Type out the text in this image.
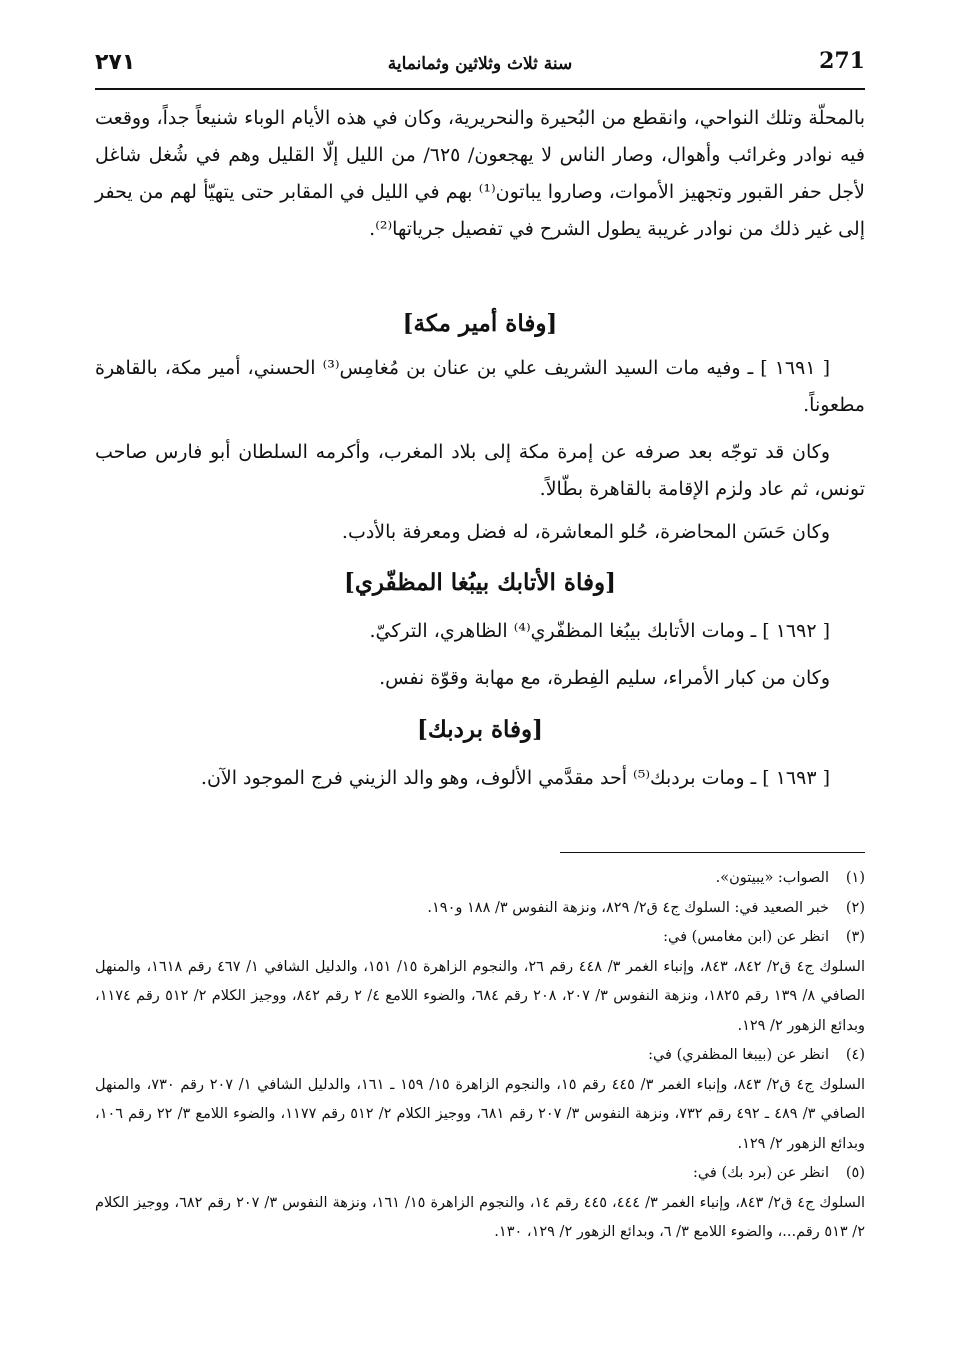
٢٧١	سنة ثلاث وثلاثين وثمانماية	271

بالمحلّة وتلك النواحي، وانقطع من البُحيرة والنحريرية، وكان في هذه الأيام الوباء شنيعاً جداً، ووقعت فيه نوادر وغرائب وأهوال، وصار الناس لا يهجعون/ ٦٢٥/ من الليل إلّا القليل وهم في شُغل شاغل لأجل حفر القبور وتجهيز الأموات، وصاروا يباتون⁽¹⁾ بهم في الليل في المقابر حتى يتهيّأ لهم من يحفر إلى غير ذلك من نوادر غريبة يطول الشرح في تفصيل جرياتها⁽²⁾.

[وفاة أمير مكة]

[ ١٦٩١ ] ـ وفيه مات السيد الشريف علي بن عنان بن مُغامِس⁽³⁾ الحسني، أمير مكة، بالقاهرة مطعوناً.

وكان قد توجّه بعد صرفه عن إمرة مكة إلى بلاد المغرب، وأكرمه السلطان أبو فارس صاحب تونس، ثم عاد ولزم الإقامة بالقاهرة بطّالاً.

وكان حَسَن المحاضرة، حُلو المعاشرة، له فضل ومعرفة بالأدب.

[وفاة الأتابك بيبُغا المظفّري]

[ ١٦٩٢ ] ـ ومات الأتابك بيبُغا المظفّري⁽⁴⁾ الظاهري، التركيّ.

وكان من كبار الأمراء، سليم الفِطرة، مع مهابة وقوّة نفس.

[وفاة بردبك]

[ ١٦٩٣ ] ـ ومات بردبك⁽⁵⁾ أحد مقدَّمي الألوف، وهو والد الزيني فرج الموجود الآن.

(١)
الصواب: «يبيتون».
(٢)
خبر الصعيد في: السلوك ج٤ ق٢/ ٨٢٩، ونزهة النفوس ٣/ ١٨٨ و١٩٠.
(٣)
انظر عن (ابن مغامس) في:

السلوك ج٤ ق٢/ ٨٤٢، ٨٤٣، وإنباء الغمر ٣/ ٤٤٨ رقم ٢٦، والنجوم الزاهرة ١٥/ ١٥١، والدليل الشافي ١/ ٤٦٧ رقم ١٦١٨، والمنهل الصافي ٨/ ١٣٩ رقم ١٨٢٥، ونزهة النفوس ٣/ ٢٠٧، ٢٠٨ رقم ٦٨٤، والضوء اللامع ٤/ ٢ رقم ٨٤٢، ووجيز الكلام ٢/ ٥١٢ رقم ١١٧٤، وبدائع الزهور ٢/ ١٢٩.

(٤)
انظر عن (بيبغا المظفري) في:

السلوك ج٤ ق٢/ ٨٤٣، وإنباء الغمر ٣/ ٤٤٥ رقم ١٥، والنجوم الزاهرة ١٥/ ١٥٩ ـ ١٦١، والدليل الشافي ١/ ٢٠٧ رقم ٧٣٠، والمنهل الصافي ٣/ ٤٨٩ ـ ٤٩٢ رقم ٧٣٢، ونزهة النفوس ٣/ ٢٠٧ رقم ٦٨١، ووجيز الكلام ٢/ ٥١٢ رقم ١١٧٧، والضوء اللامع ٣/ ٢٢ رقم ١٠٦، وبدائع الزهور ٢/ ١٢٩.

(٥)
انظر عن (برد بك) في:

السلوك ج٤ ق٢/ ٨٤٣، وإنباء الغمر ٣/ ٤٤٤، ٤٤٥ رقم ١٤، والنجوم الزاهرة ١٥/ ١٦١، ونزهة النفوس ٣/ ٢٠٧ رقم ٦٨٢، ووجيز الكلام ٢/ ٥١٣ رقم...، والضوء اللامع ٣/ ٦، وبدائع الزهور ٢/ ١٢٩، ١٣٠.
